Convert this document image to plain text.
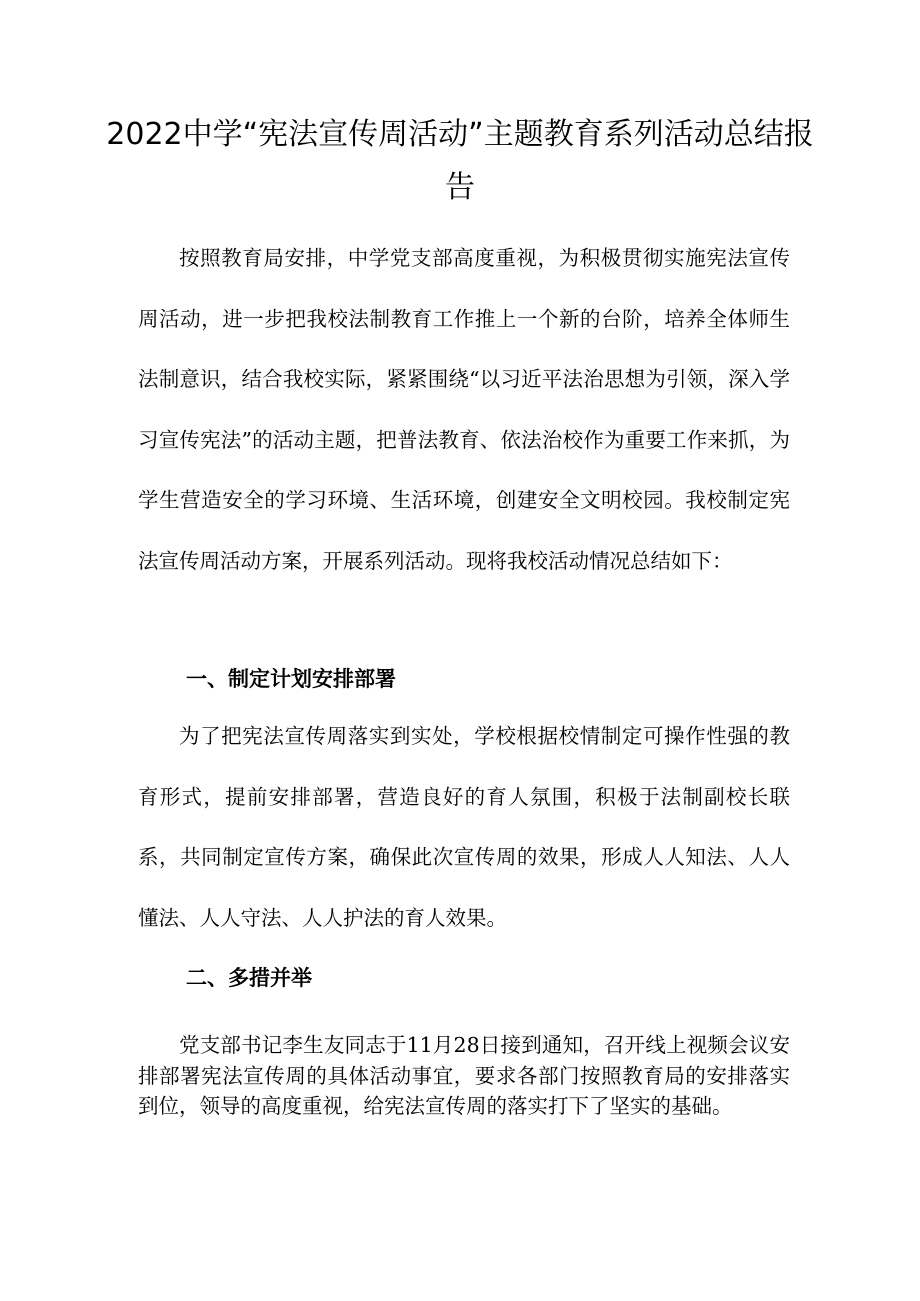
2022中学“宪法宣传周活动”主题教育系列活动总结报告

按照教育局安排，中学党支部高度重视，为积极贯彻实施宪法宣传周活动，进一步把我校法制教育工作推上一个新的台阶，培养全体师生法制意识，结合我校实际，紧紧围绕“以习近平法治思想为引领，深入学习宣传宪法”的活动主题，把普法教育、依法治校作为重要工作来抓，为学生营造安全的学习环境、生活环境，创建安全文明校园。我校制定宪法宣传周活动方案，开展系列活动。现将我校活动情况总结如下：

一、制定计划安排部署

为了把宪法宣传周落实到实处，学校根据校情制定可操作性强的教育形式，提前安排部署，营造良好的育人氛围，积极于法制副校长联系，共同制定宣传方案，确保此次宣传周的效果，形成人人知法、人人懂法、人人守法、人人护法的育人效果。

二、多措并举

党支部书记李生友同志于11月28日接到通知，召开线上视频会议安排部署宪法宣传周的具体活动事宜，要求各部门按照教育局的安排落实到位，领导的高度重视，给宪法宣传周的落实打下了坚实的基础。
